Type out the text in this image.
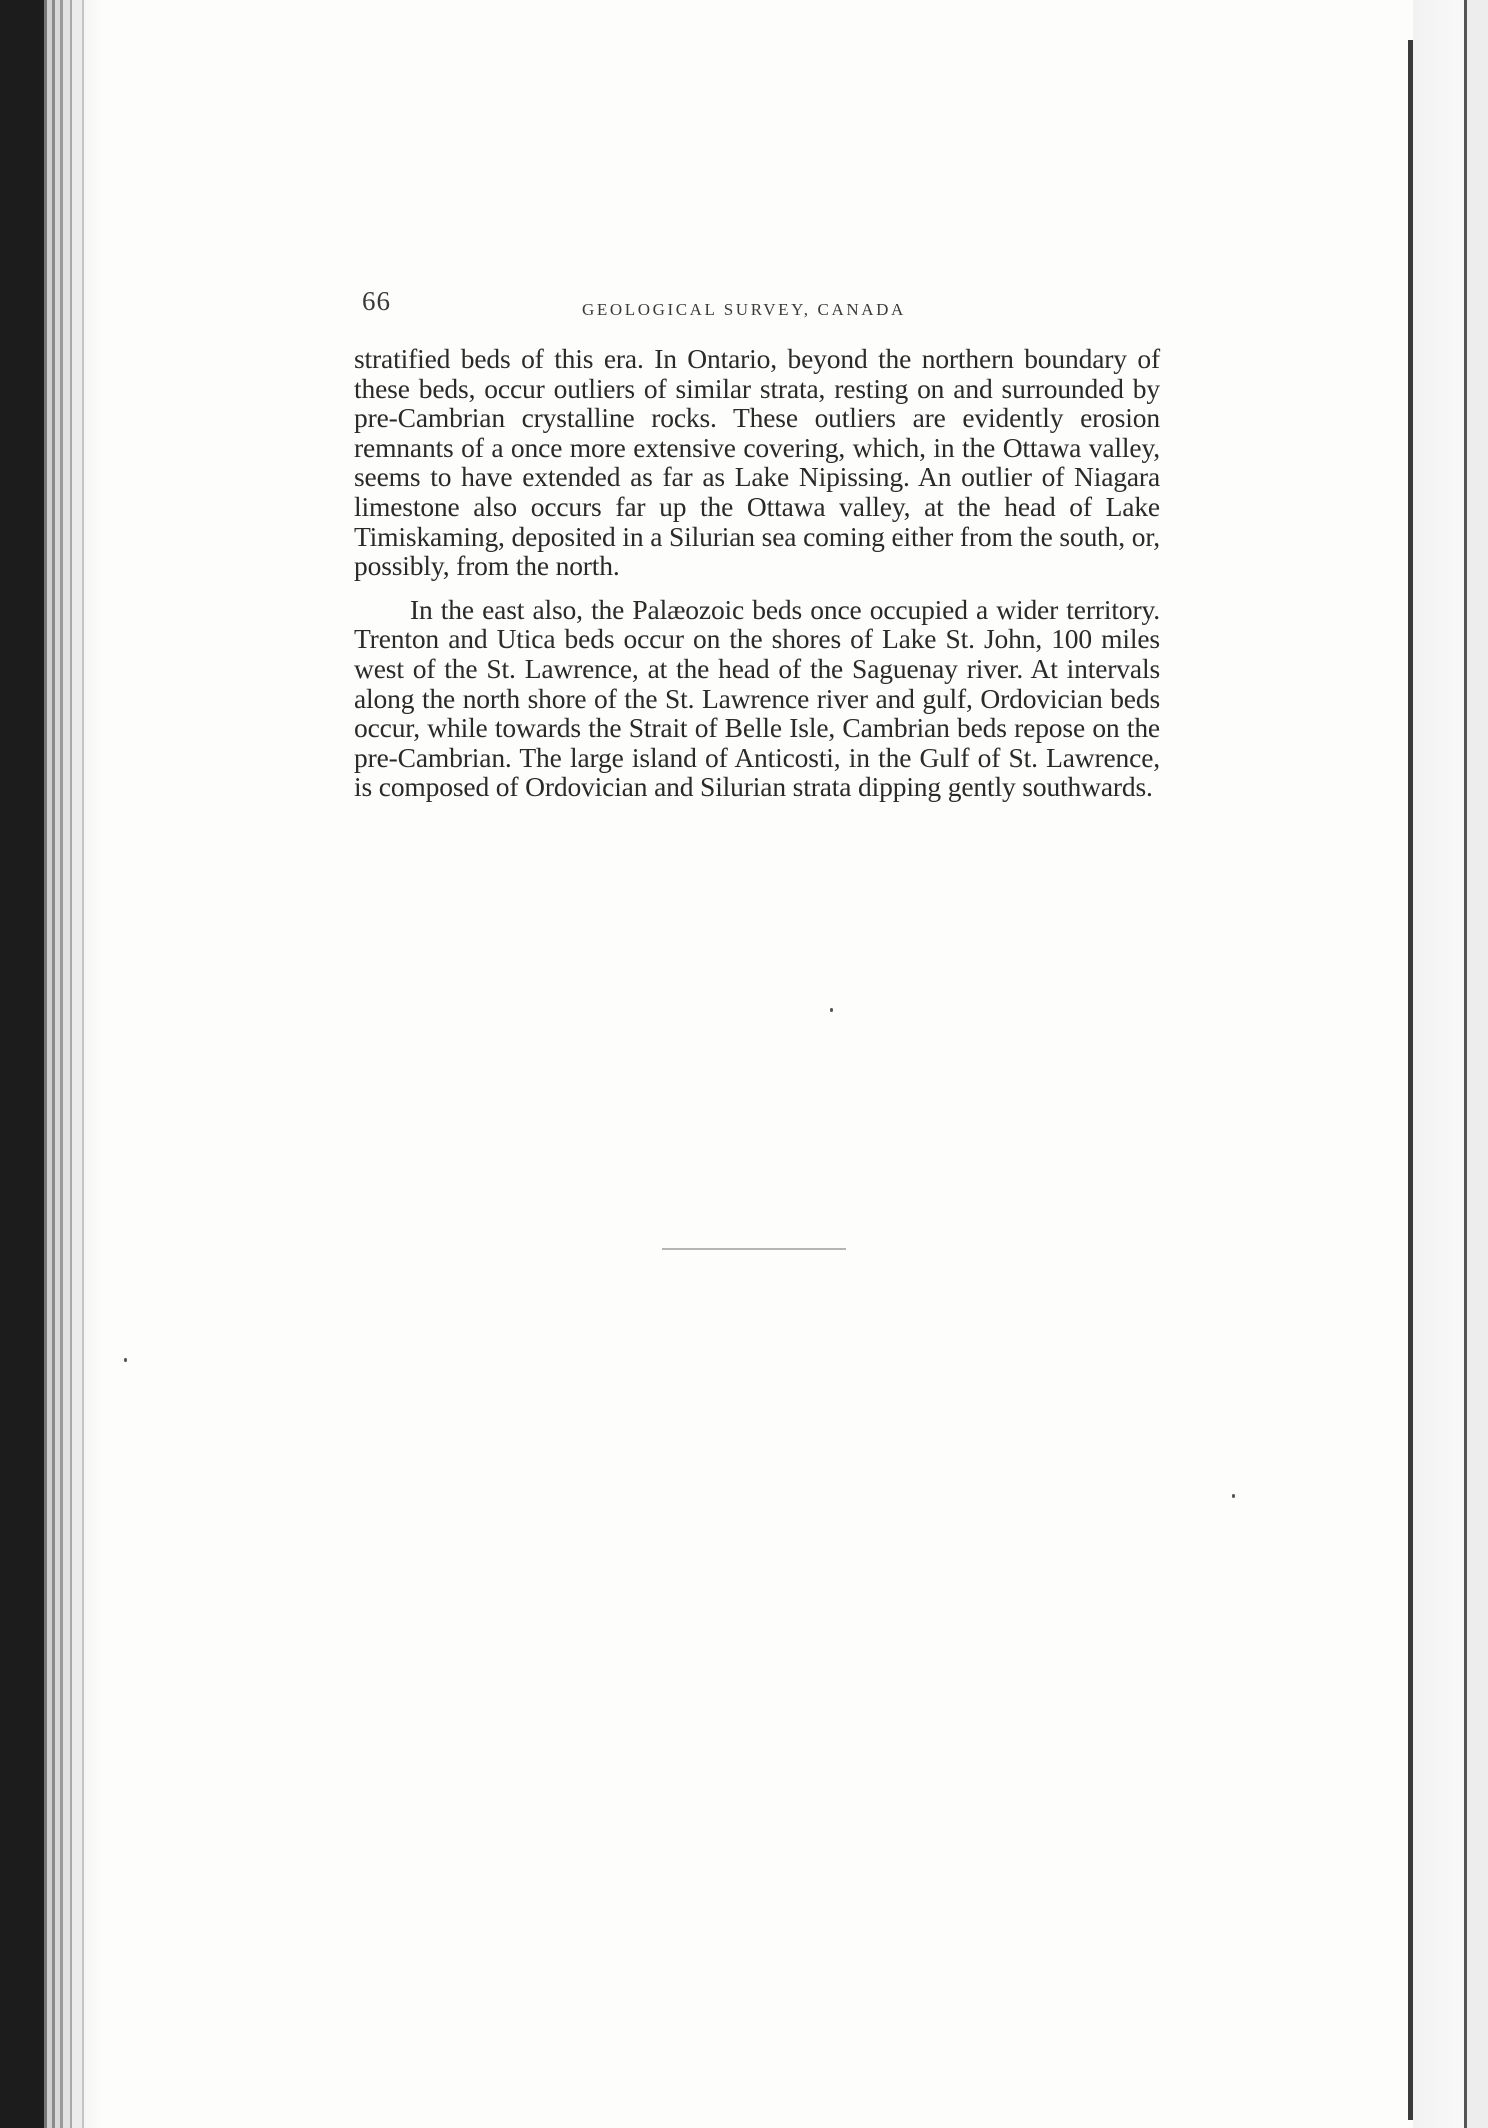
66	GEOLOGICAL SURVEY, CANADA

stratified beds of this era. In Ontario, beyond the northern boundary of these beds, occur outliers of similar strata, resting on and surrounded by pre-Cambrian crystalline rocks. These outliers are evidently erosion remnants of a once more extensive covering, which, in the Ottawa valley, seems to have extended as far as Lake Nipissing. An outlier of Niagara limestone also occurs far up the Ottawa valley, at the head of Lake Timiskaming, deposited in a Silurian sea coming either from the south, or, possibly, from the north.

In the east also, the Palæozoic beds once occupied a wider territory. Trenton and Utica beds occur on the shores of Lake St. John, 100 miles west of the St. Lawrence, at the head of the Saguenay river. At intervals along the north shore of the St. Lawrence river and gulf, Ordovician beds occur, while towards the Strait of Belle Isle, Cambrian beds repose on the pre-Cambrian. The large island of Anticosti, in the Gulf of St. Lawrence, is composed of Ordovician and Silurian strata dipping gently southwards.
